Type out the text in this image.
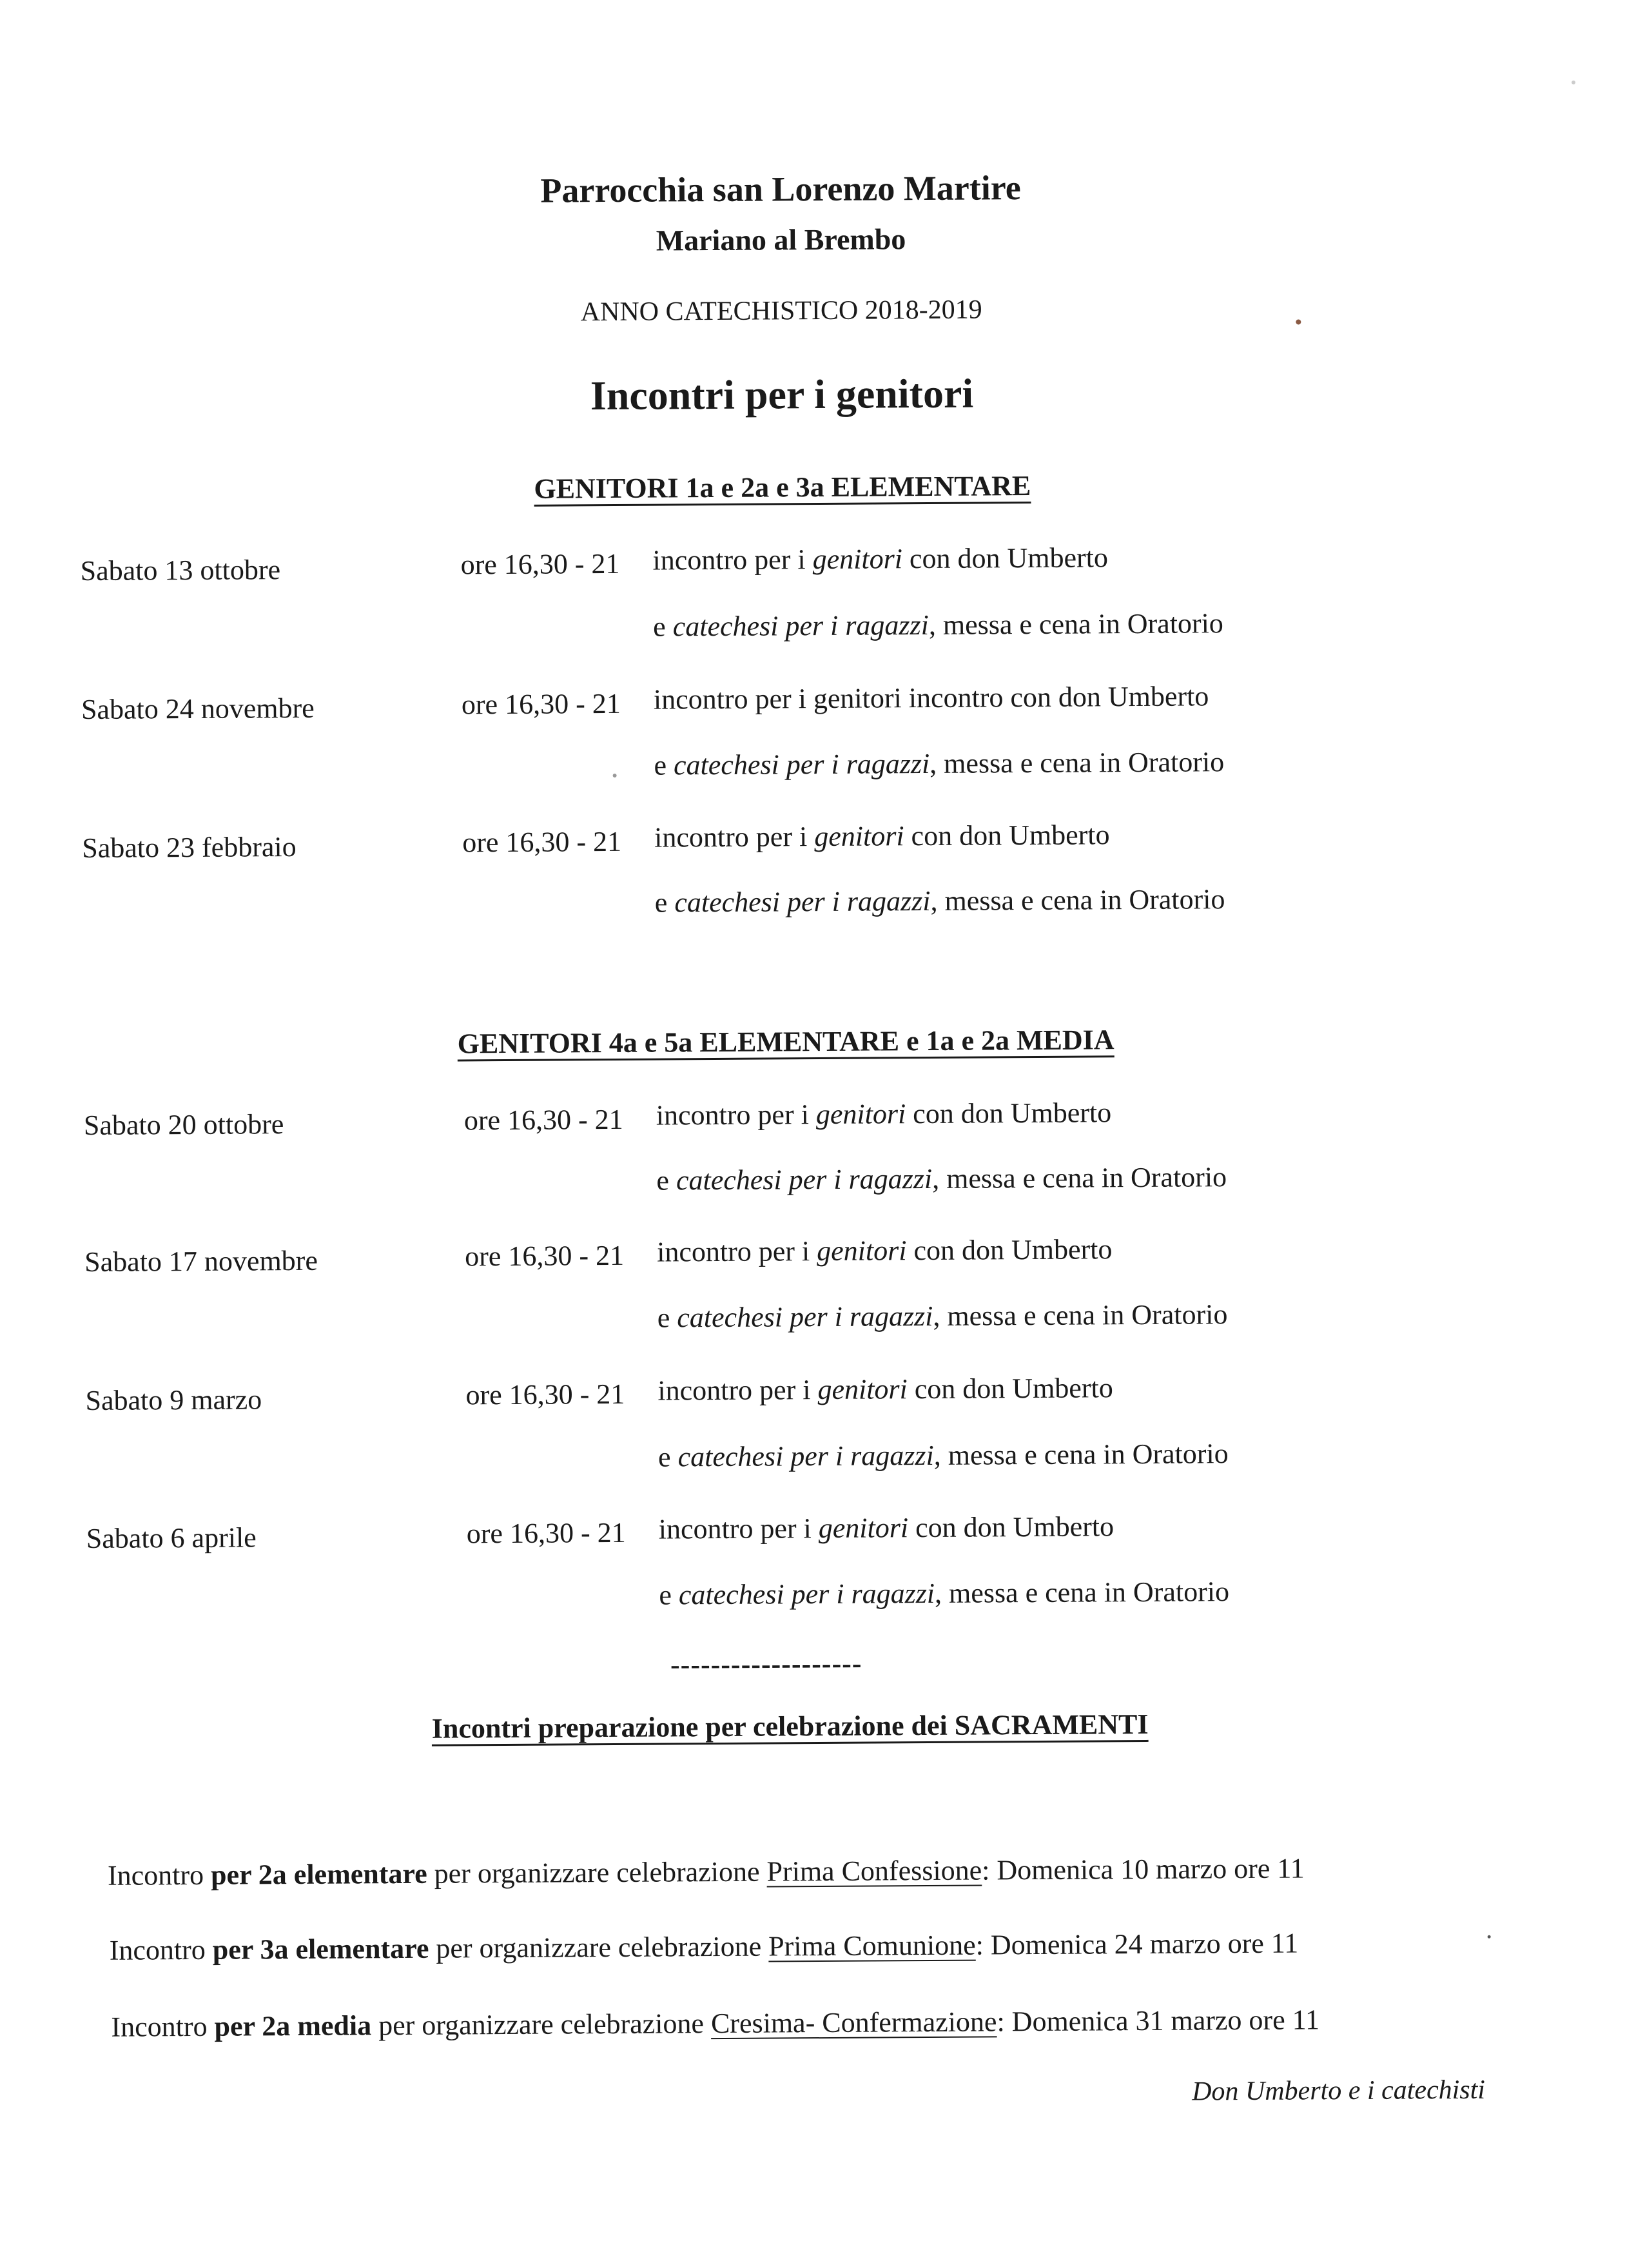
Parrocchia san Lorenzo Martire
Mariano al Brembo
ANNO CATECHISTICO 2018-2019
Incontri per i genitori
GENITORI 1a e 2a e 3a ELEMENTARE
Sabato 13 ottobre	ore 16,30 - 21 incontro per i genitori con don Umberto
e catechesi per i ragazzi, messa e cena in Oratorio
Sabato 24 novembre	ore 16,30 - 21 incontro per i genitori incontro con don Umberto
e catechesi per i ragazzi, messa e cena in Oratorio
Sabato 23 febbraio	ore 16,30 - 21 incontro per i genitori con don Umberto
e catechesi per i ragazzi, messa e cena in Oratorio
GENITORI 4a e 5a ELEMENTARE e 1a e 2a MEDIA
Sabato 20 ottobre	ore 16,30 - 21 incontro per i genitori con don Umberto
e catechesi per i ragazzi, messa e cena in Oratorio
Sabato 17 novembre	ore 16,30 - 21 incontro per i genitori con don Umberto
e catechesi per i ragazzi, messa e cena in Oratorio
Sabato 9 marzo	ore 16,30 - 21 incontro per i genitori con don Umberto
e catechesi per i ragazzi, messa e cena in Oratorio
Sabato 6 aprile	ore 16,30 - 21 incontro per i genitori con don Umberto
e catechesi per i ragazzi, messa e cena in Oratorio
-------------------
Incontri preparazione per celebrazione dei SACRAMENTI
Incontro per 2a elementare per organizzare celebrazione Prima Confessione: Domenica 10 marzo ore 11
Incontro per 3a elementare per organizzare celebrazione Prima Comunione: Domenica 24 marzo ore 11
Incontro per 2a media per organizzare celebrazione Cresima- Confermazione: Domenica 31 marzo ore 11
Don Umberto e i catechisti
